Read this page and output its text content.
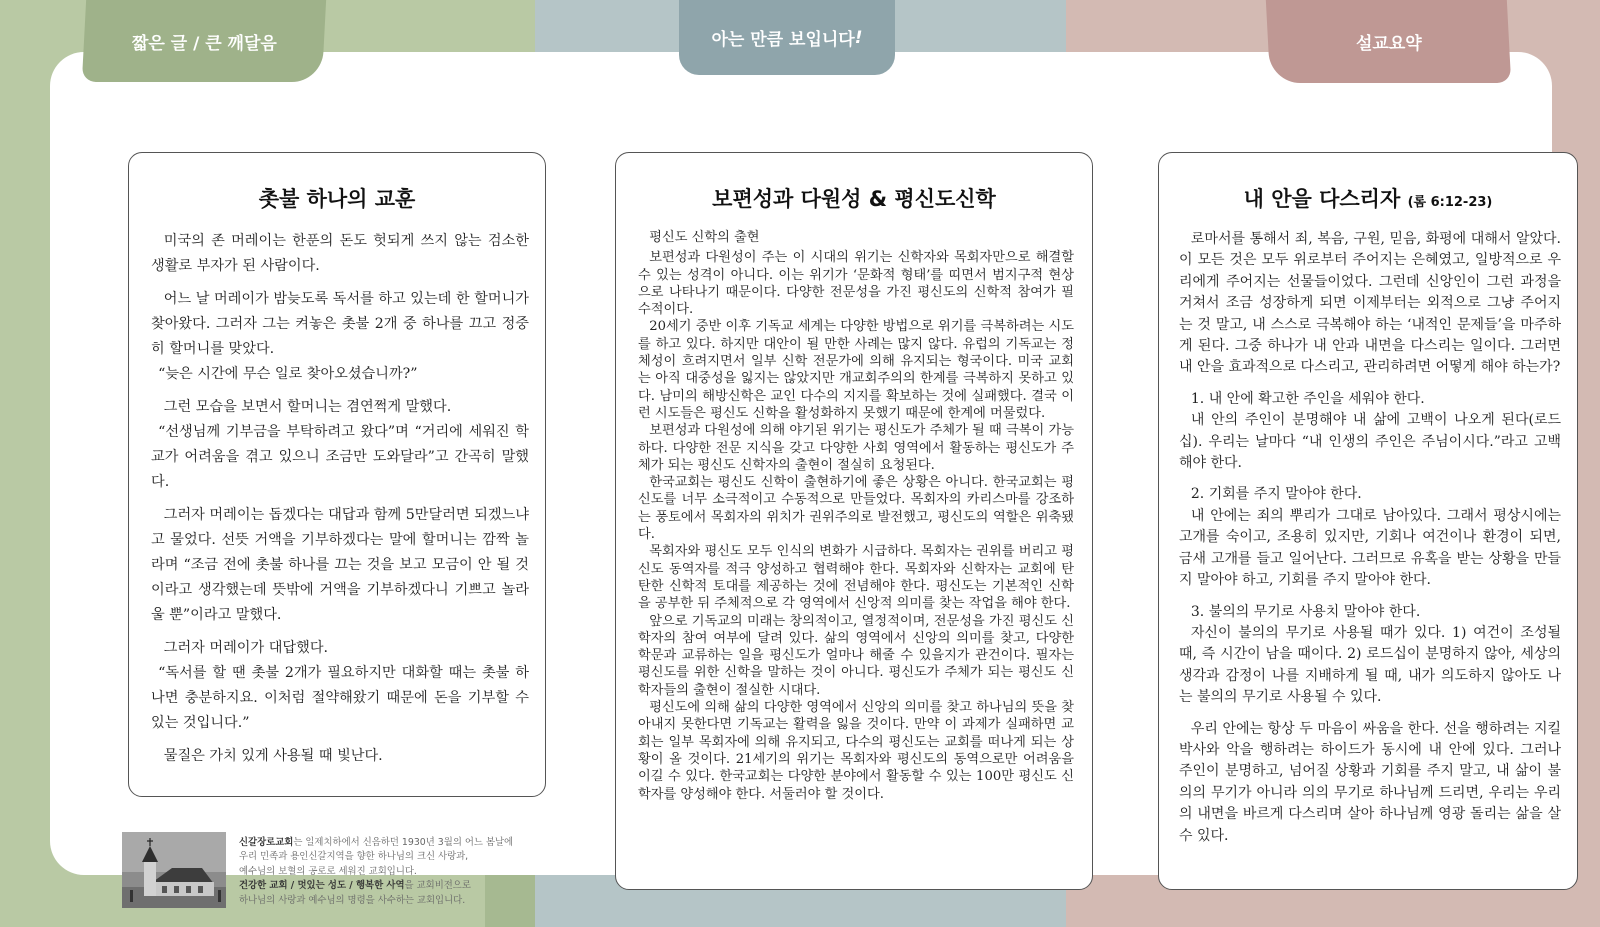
촛불 하나의 교훈

미국의 존 머레이는 한푼의 돈도 헛되게 쓰지 않는 검소한 생활로 부자가 된 사람이다.

어느 날 머레이가 밤늦도록 독서를 하고 있는데 한 할머니가 찾아왔다. 그러자 그는 켜놓은 촛불 2개 중 하나를 끄고 정중히 할머니를 맞았다.

“늦은 시간에 무슨 일로 찾아오셨습니까?”

그런 모습을 보면서 할머니는 겸연쩍게 말했다.

“선생님께 기부금을 부탁하려고 왔다”며 “거리에 세워진 학교가 어려움을 겪고 있으니 조금만 도와달라”고 간곡히 말했다.

그러자 머레이는 돕겠다는 대답과 함께 5만달러면 되겠느냐고 물었다. 선뜻 거액을 기부하겠다는 말에 할머니는 깜짝 놀라며 “조금 전에 촛불 하나를 끄는 것을 보고 모금이 안 될 것이라고 생각했는데 뜻밖에 거액을 기부하겠다니 기쁘고 놀라울 뿐”이라고 말했다.

그러자 머레이가 대답했다.

“독서를 할 땐 촛불 2개가 필요하지만 대화할 때는 촛불 하나면 충분하지요. 이처럼 절약해왔기 때문에 돈을 기부할 수 있는 것입니다.”

물질은 가치 있게 사용될 때 빛난다.

보편성과 다원성 & 평신도신학

평신도 신학의 출현

보편성과 다원성이 주는 이 시대의 위기는 신학자와 목회자만으로 해결할 수 있는 성격이 아니다. 이는 위기가 ‘문화적 형태’를 띠면서 범지구적 현상으로 나타나기 때문이다. 다양한 전문성을 가진 평신도의 신학적 참여가 필수적이다.

20세기 중반 이후 기독교 세계는 다양한 방법으로 위기를 극복하려는 시도를 하고 있다. 하지만 대안이 될 만한 사례는 많지 않다. 유럽의 기독교는 정체성이 흐려지면서 일부 신학 전문가에 의해 유지되는 형국이다. 미국 교회는 아직 대중성을 잃지는 않았지만 개교회주의의 한계를 극복하지 못하고 있다. 남미의 해방신학은 교인 다수의 지지를 확보하는 것에 실패했다. 결국 이런 시도들은 평신도 신학을 활성화하지 못했기 때문에 한계에 머물렀다.

보편성과 다원성에 의해 야기된 위기는 평신도가 주체가 될 때 극복이 가능하다. 다양한 전문 지식을 갖고 다양한 사회 영역에서 활동하는 평신도가 주체가 되는 평신도 신학자의 출현이 절실히 요청된다.

한국교회는 평신도 신학이 출현하기에 좋은 상황은 아니다. 한국교회는 평신도를 너무 소극적이고 수동적으로 만들었다. 목회자의 카리스마를 강조하는 풍토에서 목회자의 위치가 권위주의로 발전했고, 평신도의 역할은 위축됐다.

목회자와 평신도 모두 인식의 변화가 시급하다. 목회자는 권위를 버리고 평신도 동역자를 적극 양성하고 협력해야 한다. 목회자와 신학자는 교회에 탄탄한 신학적 토대를 제공하는 것에 전념해야 한다. 평신도는 기본적인 신학을 공부한 뒤 주체적으로 각 영역에서 신앙적 의미를 찾는 작업을 해야 한다.

앞으로 기독교의 미래는 창의적이고, 열정적이며, 전문성을 가진 평신도 신학자의 참여 여부에 달려 있다. 삶의 영역에서 신앙의 의미를 찾고, 다양한 학문과 교류하는 일을 평신도가 얼마나 해줄 수 있을지가 관건이다. 필자는 평신도를 위한 신학을 말하는 것이 아니다. 평신도가 주체가 되는 평신도 신학자들의 출현이 절실한 시대다.

평신도에 의해 삶의 다양한 영역에서 신앙의 의미를 찾고 하나님의 뜻을 찾아내지 못한다면 기독교는 활력을 잃을 것이다. 만약 이 과제가 실패하면 교회는 일부 목회자에 의해 유지되고, 다수의 평신도는 교회를 떠나게 되는 상황이 올 것이다. 21세기의 위기는 목회자와 평신도의 동역으로만 어려움을 이길 수 있다. 한국교회는 다양한 분야에서 활동할 수 있는 100만 평신도 신학자를 양성해야 한다. 서둘러야 할 것이다.

내 안을 다스리자 (롬 6:12-23)

로마서를 통해서 죄, 복음, 구원, 믿음, 화평에 대해서 알았다. 이 모든 것은 모두 위로부터 주어지는 은혜였고, 일방적으로 우리에게 주어지는 선물들이었다. 그런데 신앙인이 그런 과정을 거쳐서 조금 성장하게 되면 이제부터는 외적으로 그냥 주어지는 것 말고, 내 스스로 극복해야 하는 ‘내적인 문제들’을 마주하게 된다. 그중 하나가 내 안과 내면을 다스리는 일이다. 그러면 내 안을 효과적으로 다스리고, 관리하려면 어떻게 해야 하는가?

1. 내 안에 확고한 주인을 세워야 한다.

내 안의 주인이 분명해야 내 삶에 고백이 나오게 된다(로드십). 우리는 날마다 “내 인생의 주인은 주님이시다.”라고 고백해야 한다.

2. 기회를 주지 말아야 한다.

내 안에는 죄의 뿌리가 그대로 남아있다. 그래서 평상시에는 고개를 숙이고, 조용히 있지만, 기회나 여건이나 환경이 되면, 금새 고개를 들고 일어난다. 그러므로 유혹을 받는 상황을 만들지 말아야 하고, 기회를 주지 말아야 한다.

3. 불의의 무기로 사용치 말아야 한다.

자신이 불의의 무기로 사용될 때가 있다. 1) 여건이 조성될 때, 즉 시간이 남을 때이다. 2) 로드십이 분명하지 않아, 세상의 생각과 감정이 나를 지배하게 될 때, 내가 의도하지 않아도 나는 불의의 무기로 사용될 수 있다.

우리 안에는 항상 두 마음이 싸움을 한다. 선을 행하려는 지킬 박사와 악을 행하려는 하이드가 동시에 내 안에 있다. 그러나 주인이 분명하고, 넘어질 상황과 기회를 주지 말고, 내 삶이 불의의 무기가 아니라 의의 무기로 하나님께 드리면, 우리는 우리의 내면을 바르게 다스리며 살아 하나님께 영광 돌리는 삶을 살 수 있다.

신갈장로교회는 일제치하에서 신음하던 1930년 3월의 어느 봄날에
우리 민족과 용인신갈지역을 향한 하나님의 크신 사랑과,
예수님의 보혈의 공로로 세워진 교회입니다.
건강한 교회 / 멋있는 성도 / 행복한 사역을 교회비전으로
하나님의 사랑과 예수님의 명령을 사수하는 교회입니다.
짧은 글 / 큰 깨달음	아는 만큼 보입니다 !	설교요약
